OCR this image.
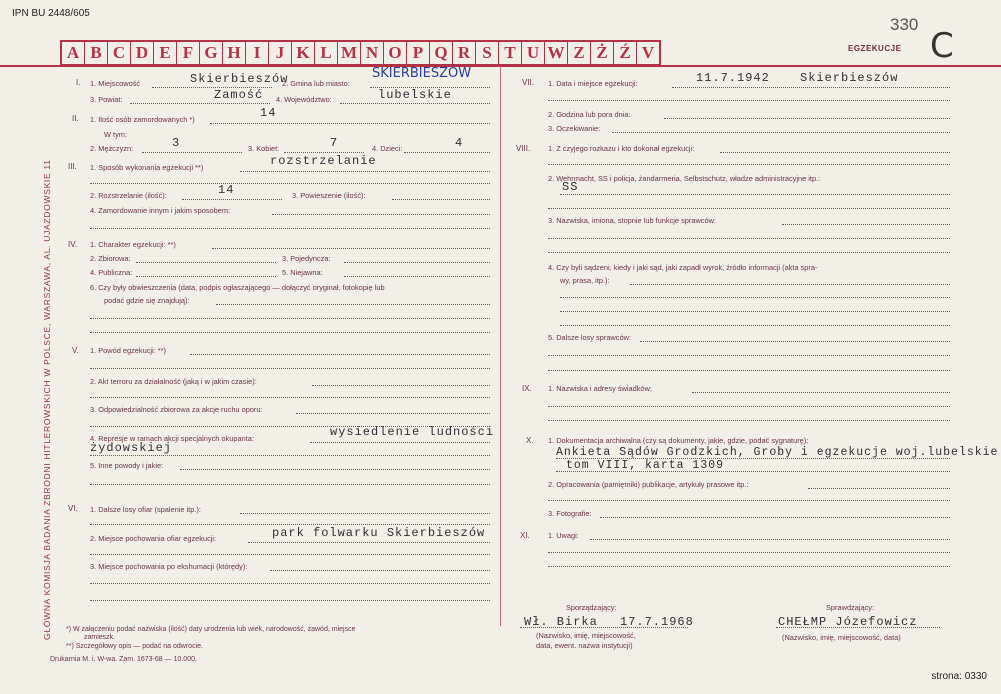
IPN BU 2448/605
330
C
A B C D E F G H I J K L M N O P Q R S T U W Z Ż Ź V	EGZEKUCJE
GŁÓWNA KOMISJA BADANIA ZBRODNI HITLEROWSKICH W POLSCE, WARSZAWA, AL. UJAZDOWSKIE 11
I. 1. Miejscowość	Skierbieszów
2. Gmina lub miasto:
SKIERBIESZÓW
3. Powiat:	Zamość 4. Województwo:	lubelskie
II. 1. Ilość osób zamordowanych *)	14
W tym:
2. Mężczyzn:	3	3. Kobiet:	7	4. Dzieci:	4
III. 1. Sposób wykonania egzekucji **)	rozstrzelanie
2. Rozstrzelanie (ilość):	14	3. Powieszenie (ilość):
4. Zamordowanie innym i jakim sposobem:
IV. 1. Charakter egzekucji: **)
2. Zbiorowa:	3. Pojedyncza:
4. Publiczna:	5. Niejawna:
6. Czy były obwieszczenia (data, podpis ogłaszającego — dołączyć oryginał, fotokopię lub
podać gdzie się znajdują):
V. 1. Powód egzekucji: **)
2. Akt terroru za działalność (jaką i w jakim czasie):
3. Odpowiedzialność zbiorowa za akcje ruchu oporu:
4. Represje w ramach akcji specjalnych okupanta:	wysiedlenie ludności
żydowskiej
5. Inne powody i jakie:
VI. 1. Dalsze losy ofiar (spalenie itp.):
2. Miejsce pochowania ofiar egzekucji:	park folwarku Skierbieszów
3. Miejsce pochowania po ekshumacji (którędy):
*) W załączeniu podać nazwiska (ilość) daty urodzenia lub wiek, narodowość, zawód, miejsce
zamieszk.
**) Szczegółowy opis — podać na odwrocie.
Drukarnia M. i. W-wa. Zam. 1673-68 — 10.000.
VII. 1. Data i miejsce egzekucji:	11.7.1942	Skierbieszów
2. Godzina lub pora dnia:
3. Oczekiwanie:
VIII. 1. Z czyjego rozkazu i kto dokonał egzekucji:
2. Wehrmacht, SS i policja, żandarmeria, Selbstschutz, władze administracyjne itp.:
SS
3. Nazwiska, imiona, stopnie lub funkcje sprawców:
4. Czy byli sądzeni, kiedy i jaki sąd, jaki zapadł wyrok, źródło informacji (akta spra-
wy, prasa, itp.):
5. Dalsze losy sprawców:
IX. 1. Nazwiska i adresy świadków:
X. 1. Dokumentacja archiwalna (czy są dokumenty, jakie, gdzie, podać sygnaturę):
Ankieta Sądów Grodzkich, Groby i egzekucje woj.lubelskie
tom VIII, karta 1309
2. Opracowania (pamiętniki) publikacje, artykuły prasowe itp.:
3. Fotografie:
XI. 1. Uwagi:
Sporządzający:
Wł. Birka 17.7.1968
(Nazwisko, imię, miejscowość,
data, ewent. nazwa instytucji)
Sprawdzający:
CHEŁMP Józefowicz
(Nazwisko, imię, miejscowość, data)
strona: 0330
